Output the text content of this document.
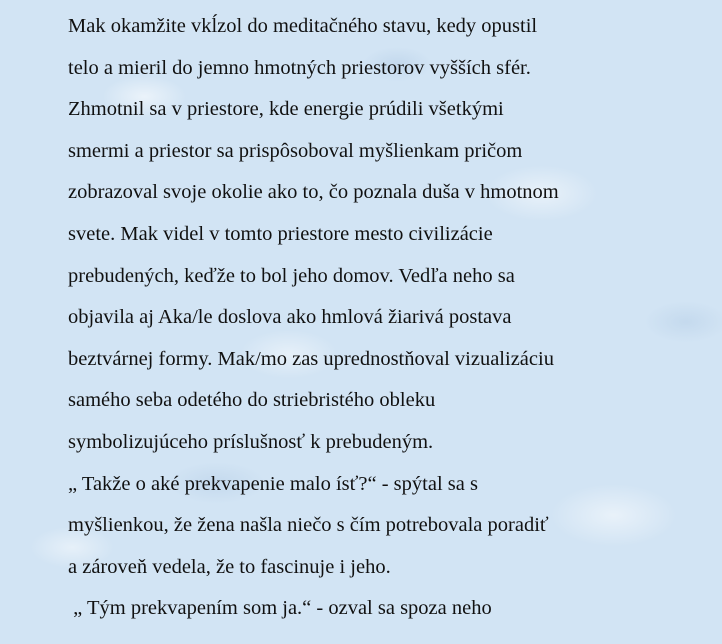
Mak okamžite vkĺzol do meditačného stavu, kedy opustil
telo a mieril do jemno hmotných priestorov vyšších sfér.
Zhmotnil sa v priestore, kde energie prúdili všetkými
smermi a priestor sa prispôsoboval myšlienkam pričom
zobrazoval svoje okolie ako to, čo poznala duša v hmotnom
svete. Mak videl v tomto priestore mesto civilizácie
prebudených, keďže to bol jeho domov. Vedľa neho sa
objavila aj Aka/le doslova ako hmlová žiarivá postava
beztvárnej formy. Mak/mo zas uprednostňoval vizualizáciu
samého seba odetého do striebristého obleku
symbolizujúceho príslušnosť k prebudeným.
„ Takže o aké prekvapenie malo ísť?“ - spýtal sa s
myšlienkou, že žena našla niečo s čím potrebovala poradiť
a zároveň vedela, že to fascinuje i jeho.
„ Tým prekvapením som ja.“ - ozval sa spoza neho
